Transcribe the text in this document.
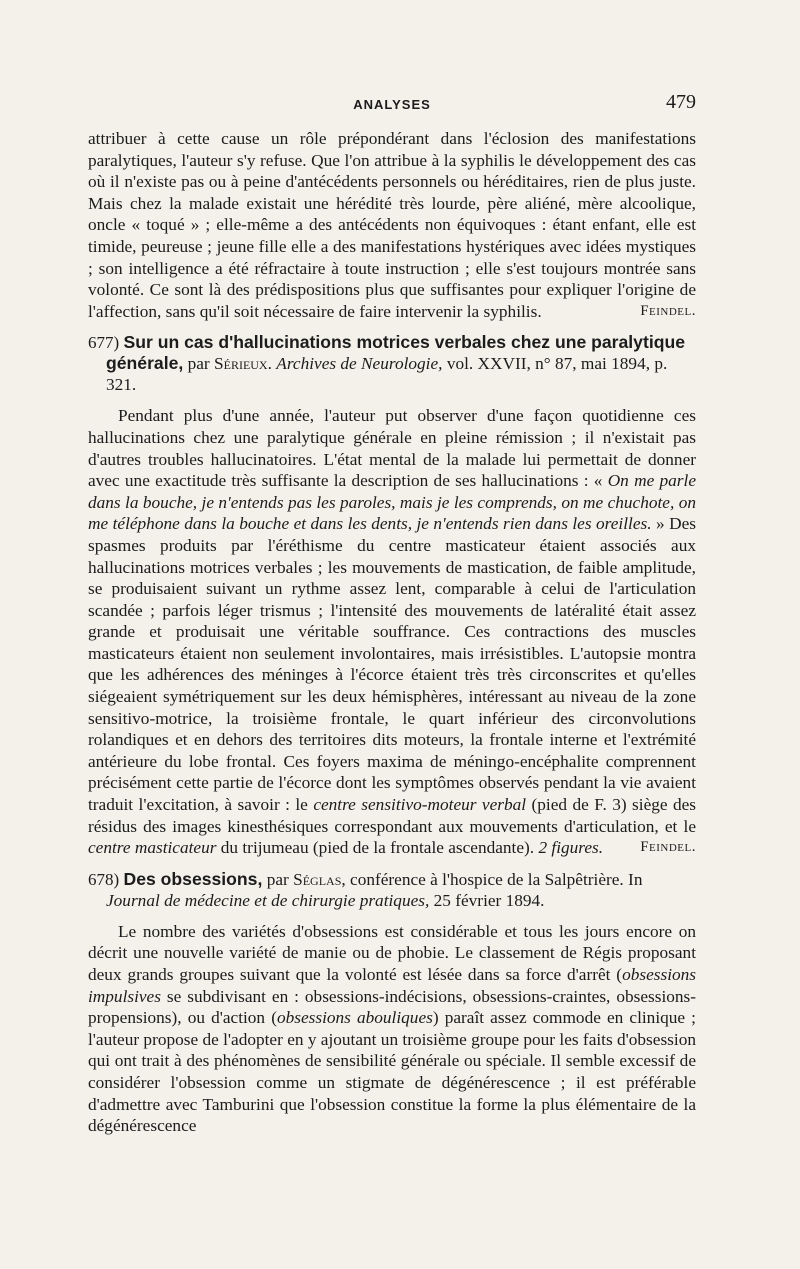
ANALYSES	479

attribuer à cette cause un rôle prépondérant dans l'éclosion des manifestations paralytiques, l'auteur s'y refuse. Que l'on attribue à la syphilis le développement des cas où il n'existe pas ou à peine d'antécédents personnels ou héréditaires, rien de plus juste. Mais chez la malade existait une hérédité très lourde, père aliéné, mère alcoolique, oncle « toqué » ; elle-même a des antécédents non équivoques : étant enfant, elle est timide, peureuse ; jeune fille elle a des manifestations hystériques avec idées mystiques ; son intelligence a été réfractaire à toute instruction ; elle s'est toujours montrée sans volonté. Ce sont là des prédispositions plus que suffisantes pour expliquer l'origine de l'affection, sans qu'il soit nécessaire de faire intervenir la syphilis.	Feindel.

677) Sur un cas d'hallucinations motrices verbales chez une paralytique générale, par Sérieux. Archives de Neurologie, vol. XXVII, n° 87, mai 1894, p. 321.

Pendant plus d'une année, l'auteur put observer d'une façon quotidienne ces hallucinations chez une paralytique générale en pleine rémission ; il n'existait pas d'autres troubles hallucinatoires. L'état mental de la malade lui permettait de donner avec une exactitude très suffisante la description de ses hallucinations : « On me parle dans la bouche, je n'entends pas les paroles, mais je les comprends, on me chuchote, on me téléphone dans la bouche et dans les dents, je n'entends rien dans les oreilles. » Des spasmes produits par l'éréthisme du centre masticateur étaient associés aux hallucinations motrices verbales ; les mouvements de mastication, de faible amplitude, se produisaient suivant un rythme assez lent, comparable à celui de l'articulation scandée ; parfois léger trismus ; l'intensité des mouvements de latéralité était assez grande et produisait une véritable souffrance. Ces contractions des muscles masticateurs étaient non seulement involontaires, mais irrésistibles. L'autopsie montra que les adhérences des méninges à l'écorce étaient très très circonscrites et qu'elles siégeaient symétriquement sur les deux hémisphères, intéressant au niveau de la zone sensitivo-motrice, la troisième frontale, le quart inférieur des circonvolutions rolandiques et en dehors des territoires dits moteurs, la frontale interne et l'extrémité antérieure du lobe frontal. Ces foyers maxima de méningo-encéphalite comprennent précisément cette partie de l'écorce dont les symptômes observés pendant la vie avaient traduit l'excitation, à savoir : le centre sensitivo-moteur verbal (pied de F. 3) siège des résidus des images kinesthésiques correspondant aux mouvements d'articulation, et le centre masticateur du trijumeau (pied de la frontale ascendante). 2 figures.	Feindel.

678) Des obsessions, par Séglas, conférence à l'hospice de la Salpêtrière. In Journal de médecine et de chirurgie pratiques, 25 février 1894.

Le nombre des variétés d'obsessions est considérable et tous les jours encore on décrit une nouvelle variété de manie ou de phobie. Le classement de Régis proposant deux grands groupes suivant que la volonté est lésée dans sa force d'arrêt (obsessions impulsives se subdivisant en : obsessions-indécisions, obsessions-craintes, obsessions-propensions), ou d'action (obsessions abouliques) paraît assez commode en clinique ; l'auteur propose de l'adopter en y ajoutant un troisième groupe pour les faits d'obsession qui ont trait à des phénomènes de sensibilité générale ou spéciale. Il semble excessif de considérer l'obsession comme un stigmate de dégénérescence ; il est préférable d'admettre avec Tamburini que l'obsession constitue la forme la plus élémentaire de la dégénérescence
